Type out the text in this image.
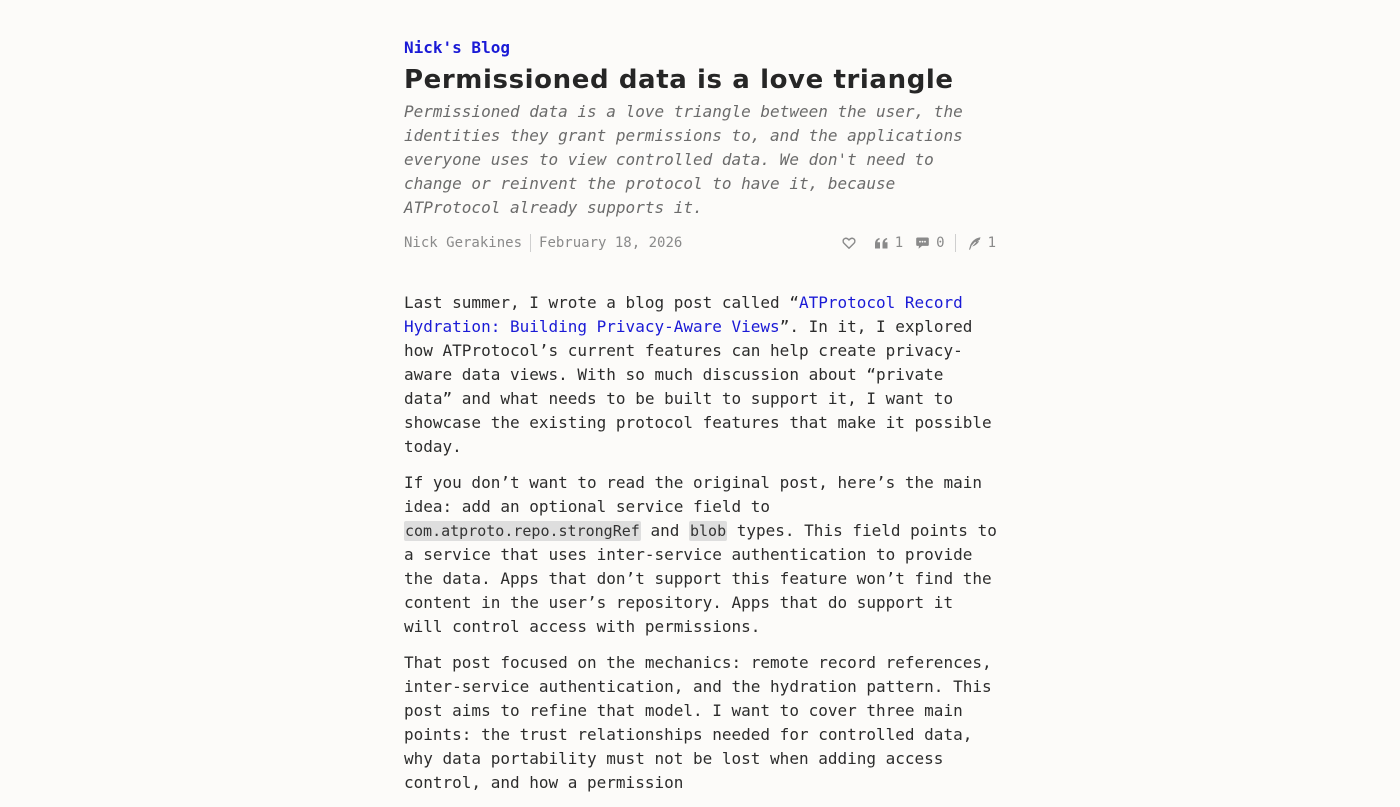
Nick's Blog
Permissioned data is a love triangle

Permissioned data is a love triangle between the user, the identities they grant permissions to, and the applications everyone uses to view controlled data. We don't need to change or reinvent the protocol to have it, because ATProtocol already supports it.

Nick Gerakines February 18, 2026	1 0	1

Last summer, I wrote a blog post called “ATProtocol Record Hydration: Building Privacy-Aware Views”. In it, I explored how ATProtocol’s current features can help create privacy-aware data views. With so much discussion about “private data” and what needs to be built to support it, I want to showcase the existing protocol features that make it possible today.

If you don’t want to read the original post, here’s the main idea: add an optional service field to com.atproto.repo.strongRef and blob types. This field points to a service that uses inter-service authentication to provide the data. Apps that don’t support this feature won’t find the content in the user’s repository. Apps that do support it will control access with permissions.

That post focused on the mechanics: remote record references, inter-service authentication, and the hydration pattern. This post aims to refine that model. I want to cover three main points: the trust relationships needed for controlled data, why data portability must not be lost when adding access control, and how a permission
